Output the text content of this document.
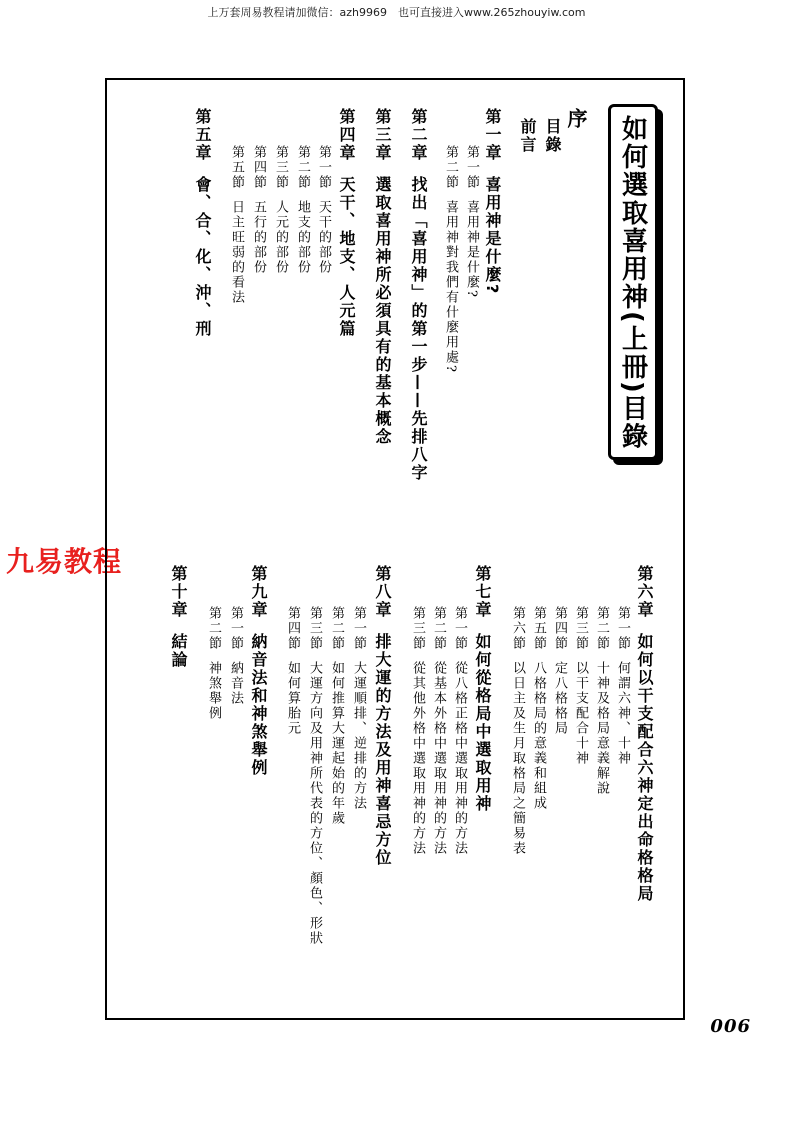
上万套周易教程请加微信：azh9969　也可直接进入www.265zhouyiw.com
九易教程
如何選取喜用神(上冊)目錄
序
目錄
前言
第一章喜用神是什麼?
第一節喜用神是什麼?
第二節喜用神對我們有什麼用處?
第二章找出「喜用神」的第一步——先排八字
第三章選取喜用神所必須具有的基本概念
第四章天干、地支、人元篇
第一節天干的部份
第二節地支的部份
第三節人元的部份
第四節五行的部份
第五節日主旺弱的看法
第五章會、合、化、沖、刑
第六章如何以干支配合六神定出命格格局
第一節何謂六神、十神
第二節十神及格局意義解說
第三節以干支配合十神
第四節定八格格局
第五節八格格局的意義和組成
第六節以日主及生月取格局之簡易表
第七章如何從格局中選取用神
第一節從八格正格中選取用神的方法
第二節從基本外格中選取用神的方法
第三節從其他外格中選取用神的方法
第八章排大運的方法及用神喜忌方位
第一節大運順排、逆排的方法
第二節如何推算大運起始的年歲
第三節大運方向及用神所代表的方位、顏色、形狀
第四節如何算胎元
第九章納音法和神煞舉例
第一節納音法
第二節神煞舉例
第十章結論
006
